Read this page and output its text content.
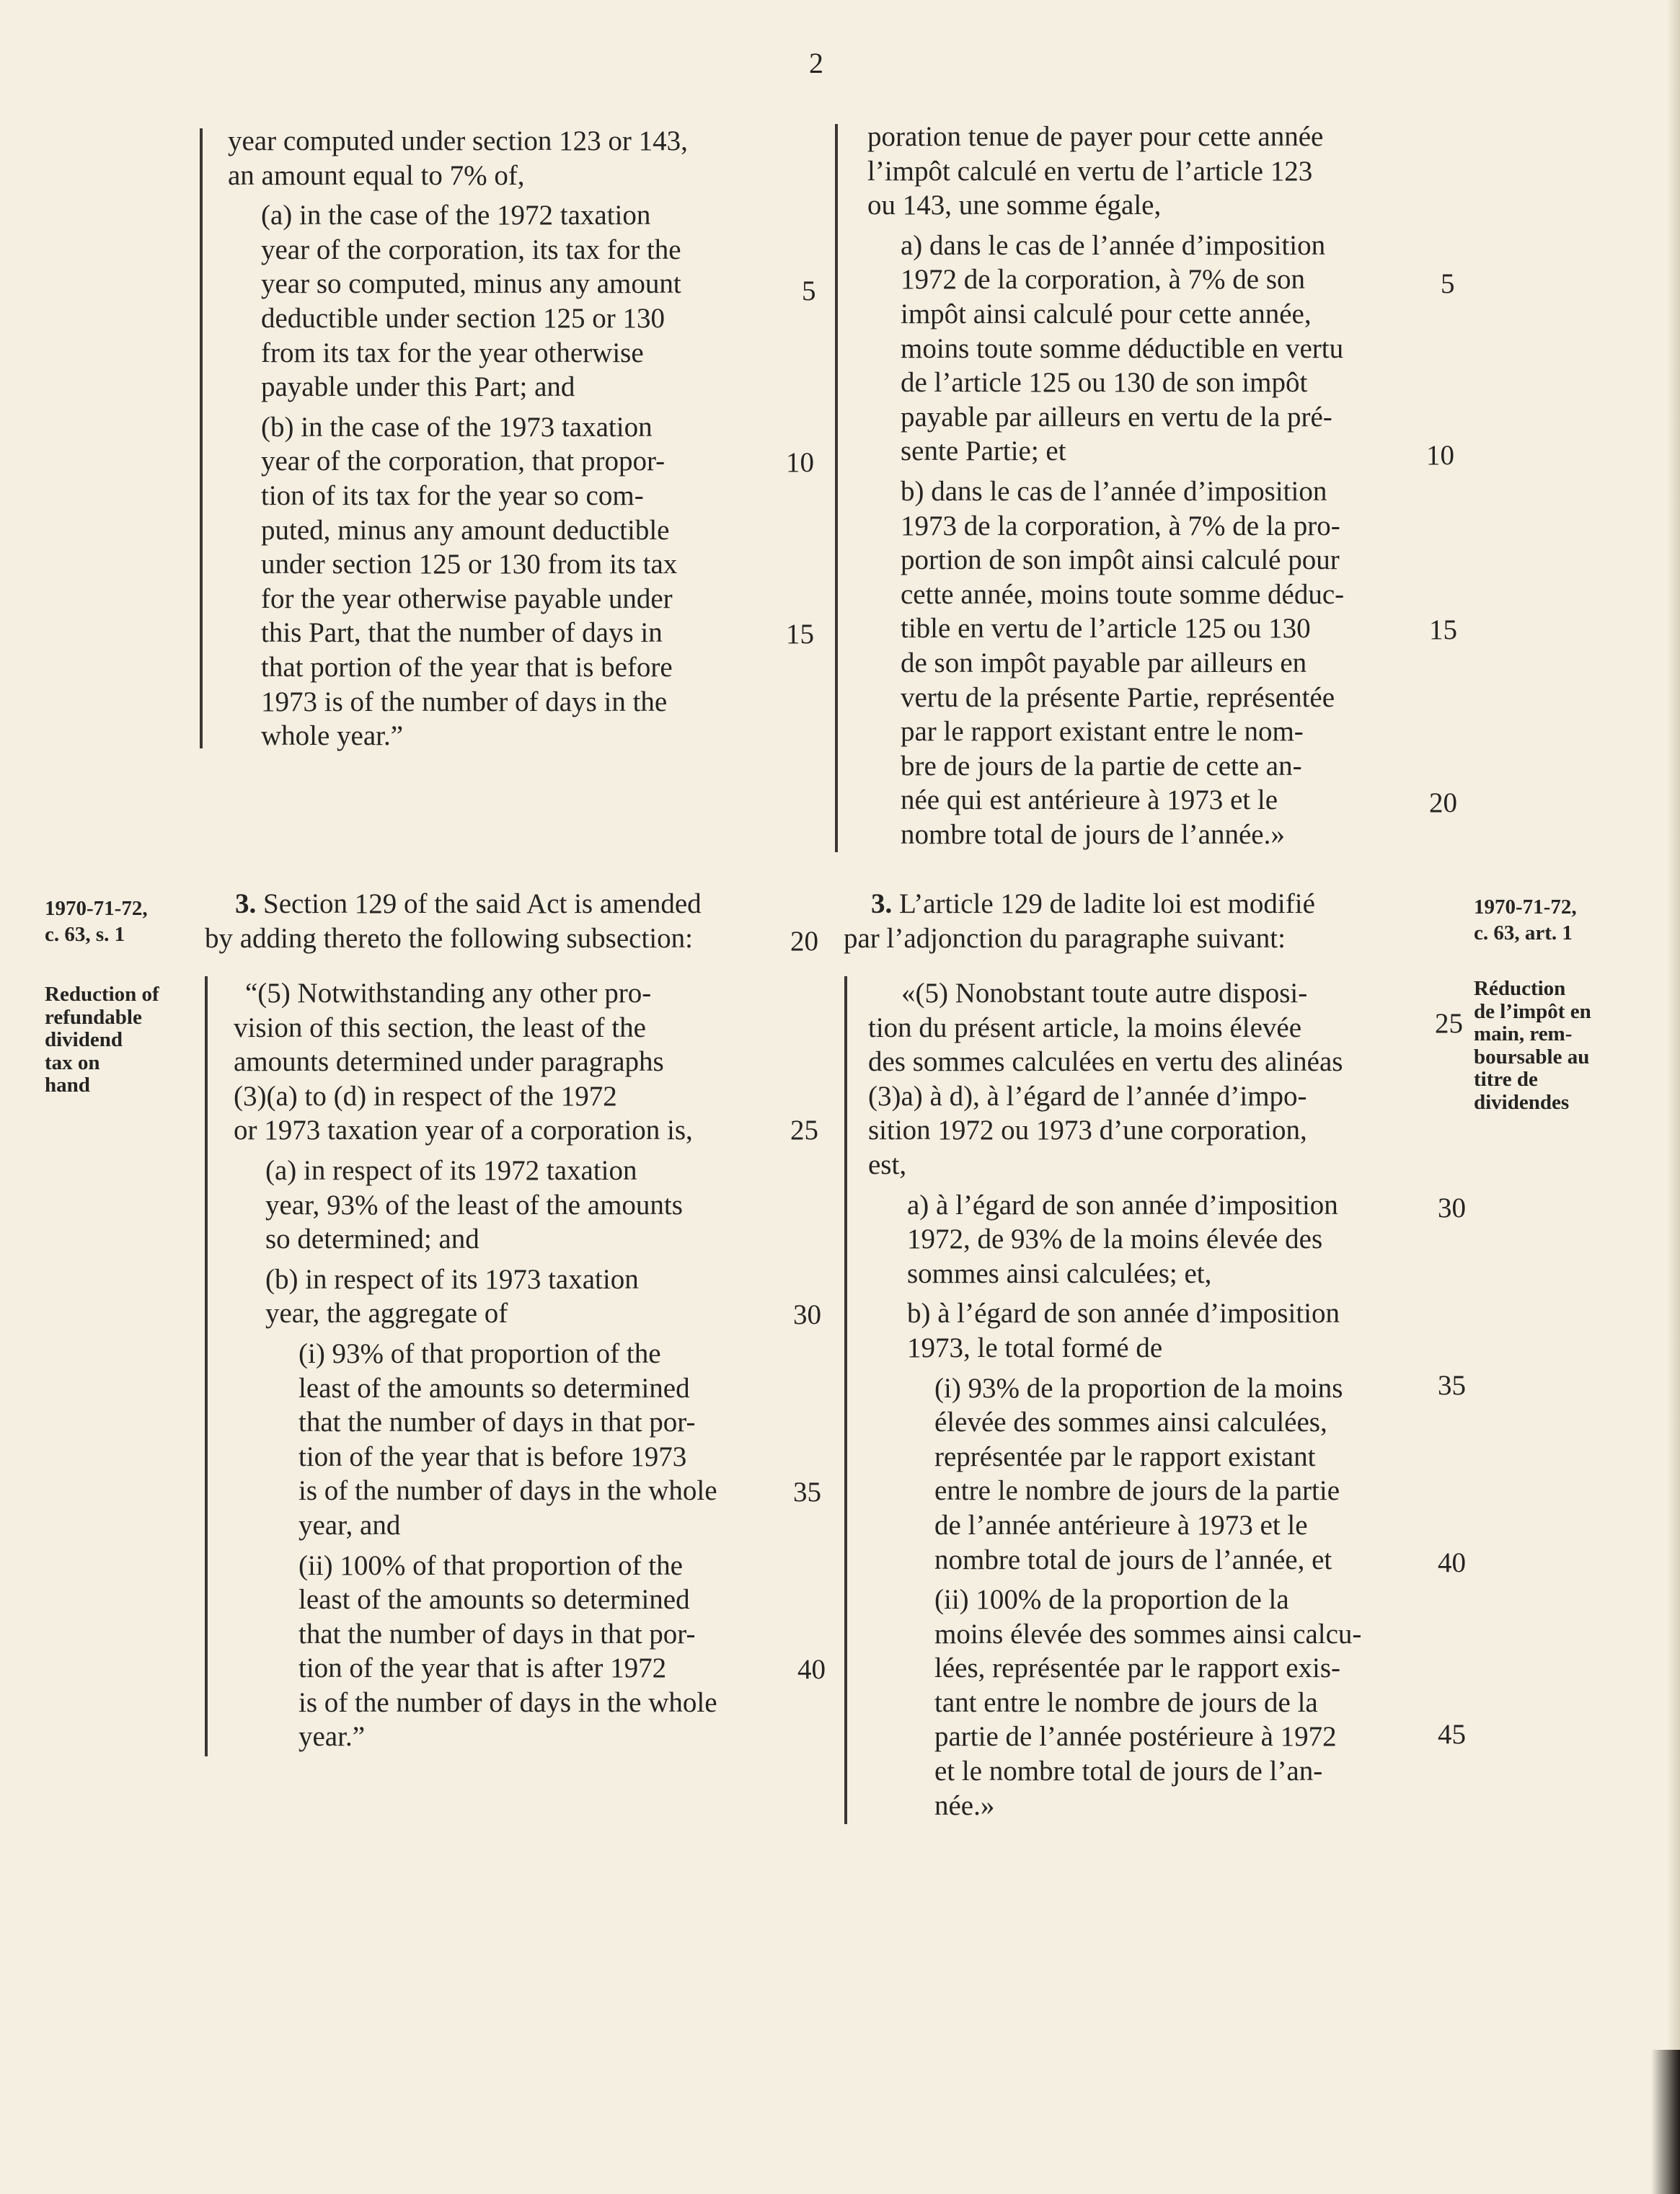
2
year computed under section 123 or 143,
an amount equal to 7% of,
(a) in the case of the 1972 taxation
year of the corporation, its tax for the
year so computed, minus any amount
deductible under section 125 or 130
from its tax for the year otherwise
payable under this Part; and
(b) in the case of the 1973 taxation
year of the corporation, that propor-
tion of its tax for the year so com-
puted, minus any amount deductible
under section 125 or 130 from its tax
for the year otherwise payable under
this Part, that the number of days in
that portion of the year that is before
1973 is of the number of days in the
whole year.”
poration tenue de payer pour cette année
l’impôt calculé en vertu de l’article 123
ou 143, une somme égale,
a) dans le cas de l’année d’imposition
1972 de la corporation, à 7% de son
impôt ainsi calculé pour cette année,
moins toute somme déductible en vertu
de l’article 125 ou 130 de son impôt
payable par ailleurs en vertu de la pré-
sente Partie; et
b) dans le cas de l’année d’imposition
1973 de la corporation, à 7% de la pro-
portion de son impôt ainsi calculé pour
cette année, moins toute somme déduc-
tible en vertu de l’article 125 ou 130
de son impôt payable par ailleurs en
vertu de la présente Partie, représentée
par le rapport existant entre le nom-
bre de jours de la partie de cette an-
née qui est antérieure à 1973 et le
nombre total de jours de l’année.»
3. Section 129 of the said Act is amended
by adding thereto the following subsection:
3. L’article 129 de ladite loi est modifié
par l’adjonction du paragraphe suivant:
“(5) Notwithstanding any other pro-
vision of this section, the least of the
amounts determined under paragraphs
(3)(a) to (d) in respect of the 1972
or 1973 taxation year of a corporation is,
(a) in respect of its 1972 taxation
year, 93% of the least of the amounts
so determined; and
(b) in respect of its 1973 taxation
year, the aggregate of
(i) 93% of that proportion of the
least of the amounts so determined
that the number of days in that por-
tion of the year that is before 1973
is of the number of days in the whole
year, and
(ii) 100% of that proportion of the
least of the amounts so determined
that the number of days in that por-
tion of the year that is after 1972
is of the number of days in the whole
year.”
«(5) Nonobstant toute autre disposi-
tion du présent article, la moins élevée
des sommes calculées en vertu des alinéas
(3)a) à d), à l’égard de l’année d’impo-
sition 1972 ou 1973 d’une corporation,
est,
a) à l’égard de son année d’imposition
1972, de 93% de la moins élevée des
sommes ainsi calculées; et,
b) à l’égard de son année d’imposition
1973, le total formé de
(i) 93% de la proportion de la moins
élevée des sommes ainsi calculées,
représentée par le rapport existant
entre le nombre de jours de la partie
de l’année antérieure à 1973 et le
nombre total de jours de l’année, et
(ii) 100% de la proportion de la
moins élevée des sommes ainsi calcu-
lées, représentée par le rapport exis-
tant entre le nombre de jours de la
partie de l’année postérieure à 1972
et le nombre total de jours de l’an-
née.»
5
10
15
20
25
30
35
40
5
10
15
20
25
30
35
40
45
1970-71-72,
c. 63, s. 1
Reduction of
refundable
dividend
tax on
hand
1970-71-72,
c. 63, art. 1
Réduction
de l’impôt en
main, rem-
boursable au
titre de
dividendes
